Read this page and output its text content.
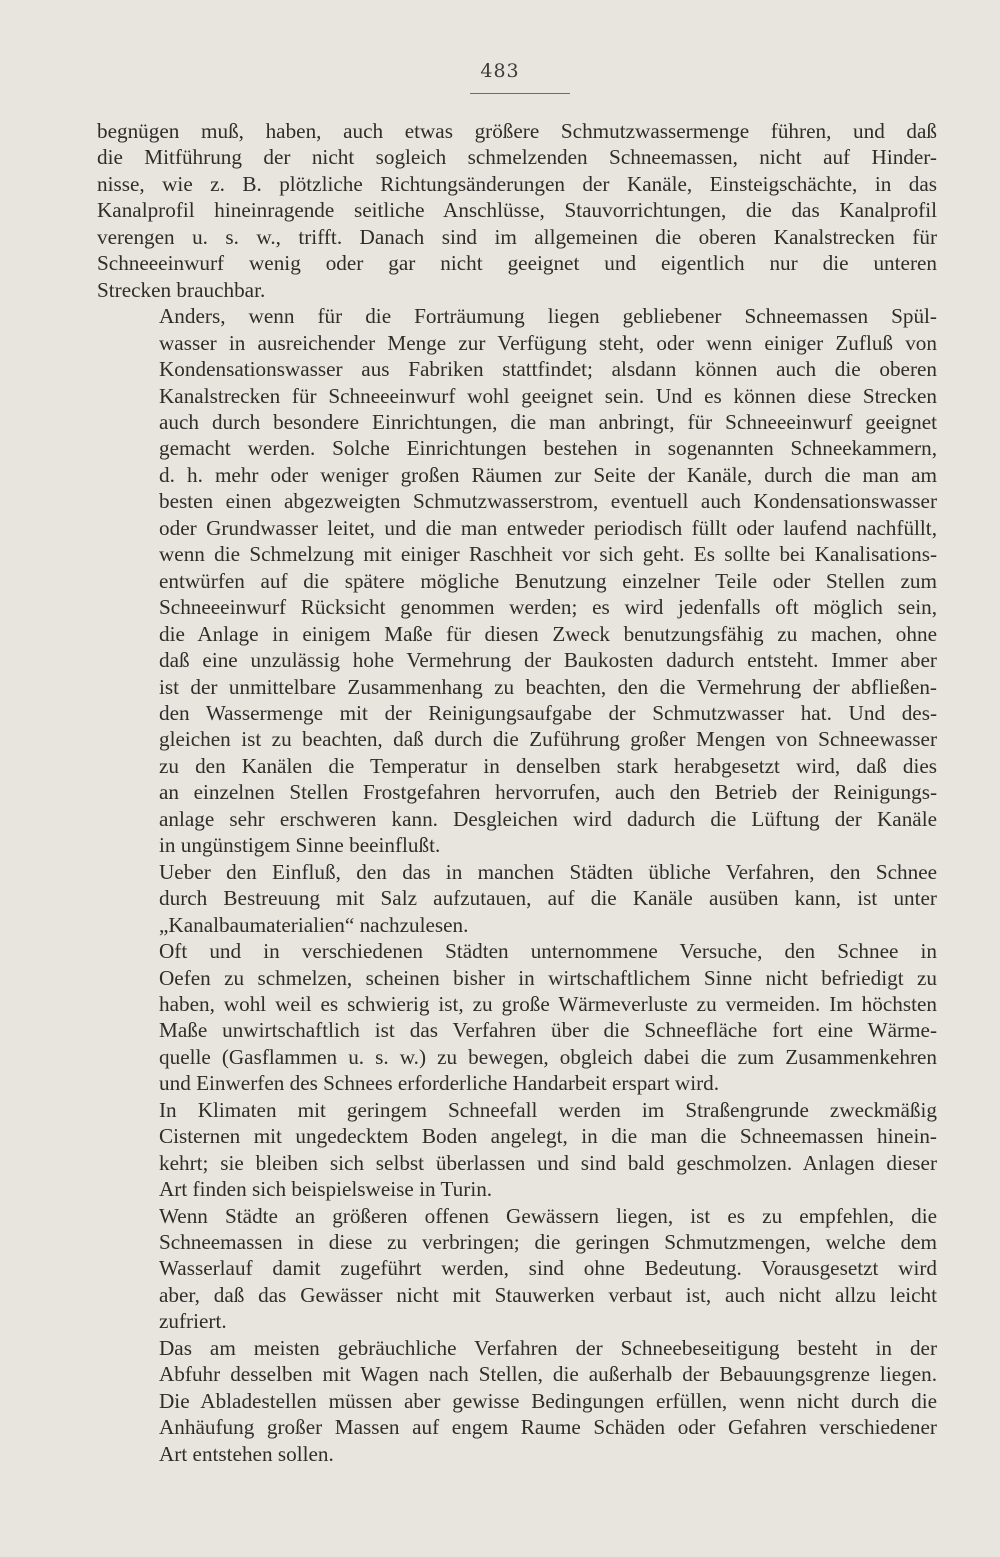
483

begnügen muß, haben, auch etwas größere Schmutzwassermenge führen, und daß
die Mitführung der nicht sogleich schmelzenden Schneemassen, nicht auf Hinder-
nisse, wie z. B. plötzliche Richtungsänderungen der Kanäle, Einsteigschächte, in das
Kanalprofil hineinragende seitliche Anschlüsse, Stauvorrichtungen, die das Kanalprofil
verengen u. s. w., trifft. Danach sind im allgemeinen die oberen Kanalstrecken für
Schneeeinwurf wenig oder gar nicht geeignet und eigentlich nur die unteren
Strecken brauchbar.

Anders, wenn für die Forträumung liegen gebliebener Schneemassen Spül-
wasser in ausreichender Menge zur Verfügung steht, oder wenn einiger Zufluß von
Kondensationswasser aus Fabriken stattfindet; alsdann können auch die oberen
Kanalstrecken für Schneeeinwurf wohl geeignet sein. Und es können diese Strecken
auch durch besondere Einrichtungen, die man anbringt, für Schneeeinwurf geeignet
gemacht werden. Solche Einrichtungen bestehen in sogenannten Schneekammern,
d. h. mehr oder weniger großen Räumen zur Seite der Kanäle, durch die man am
besten einen abgezweigten Schmutzwasserstrom, eventuell auch Kondensationswasser
oder Grundwasser leitet, und die man entweder periodisch füllt oder laufend nachfüllt,
wenn die Schmelzung mit einiger Raschheit vor sich geht. Es sollte bei Kanalisations-
entwürfen auf die spätere mögliche Benutzung einzelner Teile oder Stellen zum
Schneeeinwurf Rücksicht genommen werden; es wird jedenfalls oft möglich sein,
die Anlage in einigem Maße für diesen Zweck benutzungsfähig zu machen, ohne
daß eine unzulässig hohe Vermehrung der Baukosten dadurch entsteht. Immer aber
ist der unmittelbare Zusammenhang zu beachten, den die Vermehrung der abfließen-
den Wassermenge mit der Reinigungsaufgabe der Schmutzwasser hat. Und des-
gleichen ist zu beachten, daß durch die Zuführung großer Mengen von Schneewasser
zu den Kanälen die Temperatur in denselben stark herabgesetzt wird, daß dies
an einzelnen Stellen Frostgefahren hervorrufen, auch den Betrieb der Reinigungs-
anlage sehr erschweren kann. Desgleichen wird dadurch die Lüftung der Kanäle
in ungünstigem Sinne beeinflußt.

Ueber den Einfluß, den das in manchen Städten übliche Verfahren, den Schnee
durch Bestreuung mit Salz aufzutauen, auf die Kanäle ausüben kann, ist unter
„Kanalbaumaterialien“ nachzulesen.

Oft und in verschiedenen Städten unternommene Versuche, den Schnee in
Oefen zu schmelzen, scheinen bisher in wirtschaftlichem Sinne nicht befriedigt zu
haben, wohl weil es schwierig ist, zu große Wärmeverluste zu vermeiden. Im höchsten
Maße unwirtschaftlich ist das Verfahren über die Schneefläche fort eine Wärme-
quelle (Gasflammen u. s. w.) zu bewegen, obgleich dabei die zum Zusammenkehren
und Einwerfen des Schnees erforderliche Handarbeit erspart wird.

In Klimaten mit geringem Schneefall werden im Straßengrunde zweckmäßig
Cisternen mit ungedecktem Boden angelegt, in die man die Schneemassen hinein-
kehrt; sie bleiben sich selbst überlassen und sind bald geschmolzen. Anlagen dieser
Art finden sich beispielsweise in Turin.

Wenn Städte an größeren offenen Gewässern liegen, ist es zu empfehlen, die
Schneemassen in diese zu verbringen; die geringen Schmutzmengen, welche dem
Wasserlauf damit zugeführt werden, sind ohne Bedeutung. Vorausgesetzt wird
aber, daß das Gewässer nicht mit Stauwerken verbaut ist, auch nicht allzu leicht
zufriert.

Das am meisten gebräuchliche Verfahren der Schneebeseitigung besteht in der
Abfuhr desselben mit Wagen nach Stellen, die außerhalb der Bebauungsgrenze liegen.
Die Abladestellen müssen aber gewisse Bedingungen erfüllen, wenn nicht durch die
Anhäufung großer Massen auf engem Raume Schäden oder Gefahren verschiedener
Art entstehen sollen.
